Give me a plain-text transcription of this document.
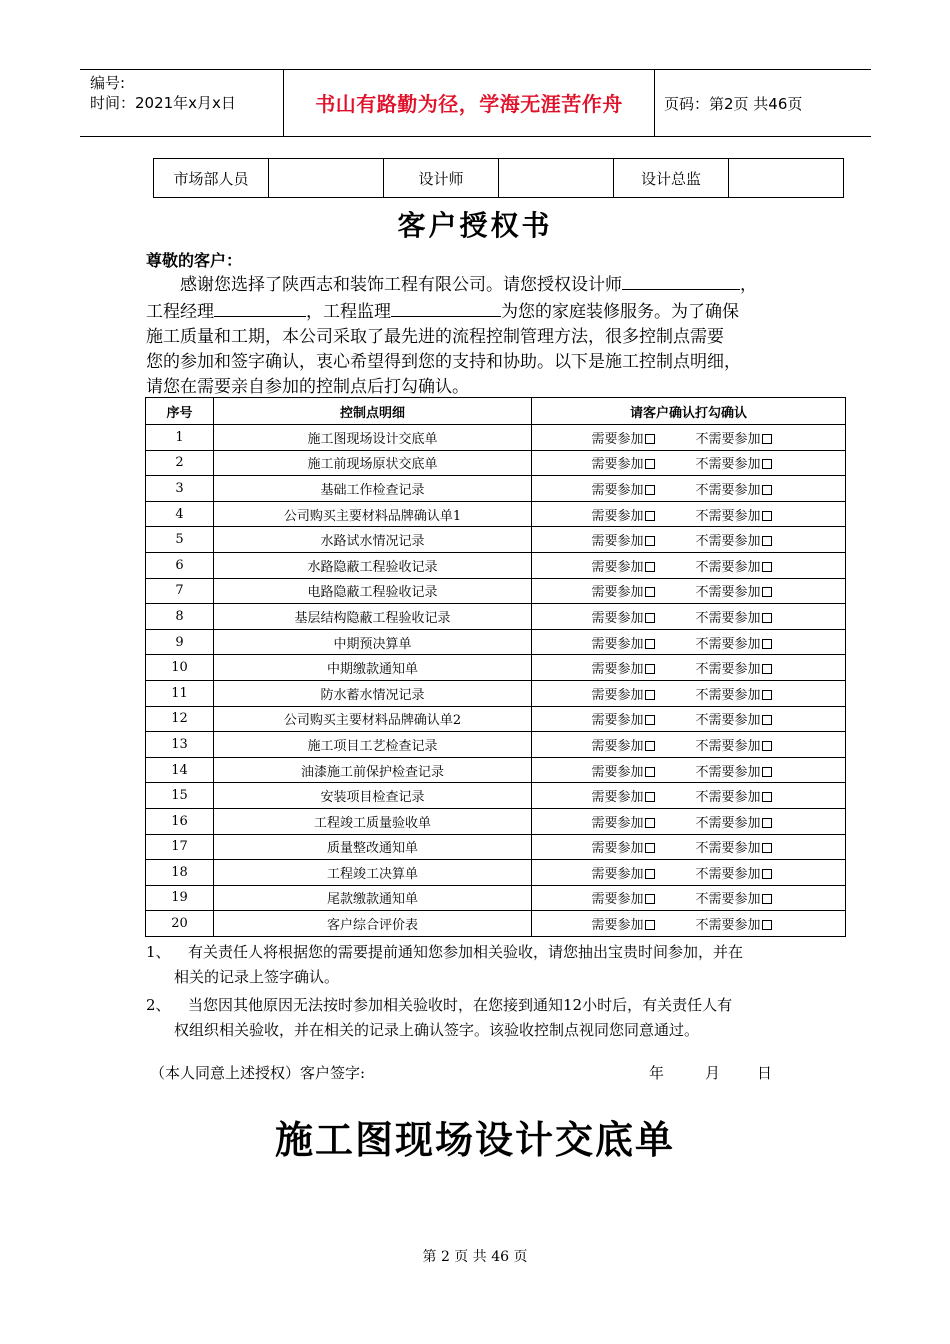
编号:
时间：2021年x月x日	书山有路勤为径，学海无涯苦作舟	页码：第2页 共46页
市场部人员		设计师		设计总监	
客户授权书
尊敬的客户：
感谢您选择了陕西志和装饰工程有限公司。请您授权设计师	，
工程经理	，工程监理	为您的家庭装修服务。为了确保
施工质量和工期，本公司采取了最先进的流程控制管理方法，很多控制点需要
您的参加和签字确认，衷心希望得到您的支持和协助。以下是施工控制点明细，
请您在需要亲自参加的控制点后打勾确认。
序号	控制点明细	请客户确认打勾确认
1	施工图现场设计交底单	需要参加 不需要参加
2	施工前现场原状交底单	需要参加 不需要参加
3	基础工作检查记录	需要参加 不需要参加
4	公司购买主要材料品牌确认单1	需要参加 不需要参加
5	水路试水情况记录	需要参加 不需要参加
6	水路隐蔽工程验收记录	需要参加 不需要参加
7	电路隐蔽工程验收记录	需要参加 不需要参加
8	基层结构隐蔽工程验收记录	需要参加 不需要参加
9	中期预决算单	需要参加 不需要参加
10	中期缴款通知单	需要参加 不需要参加
11	防水蓄水情况记录	需要参加 不需要参加
12	公司购买主要材料品牌确认单2	需要参加 不需要参加
13	施工项目工艺检查记录	需要参加 不需要参加
14	油漆施工前保护检查记录	需要参加 不需要参加
15	安装项目检查记录	需要参加 不需要参加
16	工程竣工质量验收单	需要参加 不需要参加
17	质量整改通知单	需要参加 不需要参加
18	工程竣工决算单	需要参加 不需要参加
19	尾款缴款通知单	需要参加 不需要参加
20	客户综合评价表	需要参加 不需要参加
1、	有关责任人将根据您的需要提前通知您参加相关验收，请您抽出宝贵时间参加，并在
相关的记录上签字确认。
2、	当您因其他原因无法按时参加相关验收时，在您接到通知12小时后，有关责任人有
权组织相关验收，并在相关的记录上确认签字。该验收控制点视同您同意通过。
（本人同意上述授权）客户签字:	年	月 日
施工图现场设计交底单
第 2 页 共 46 页
